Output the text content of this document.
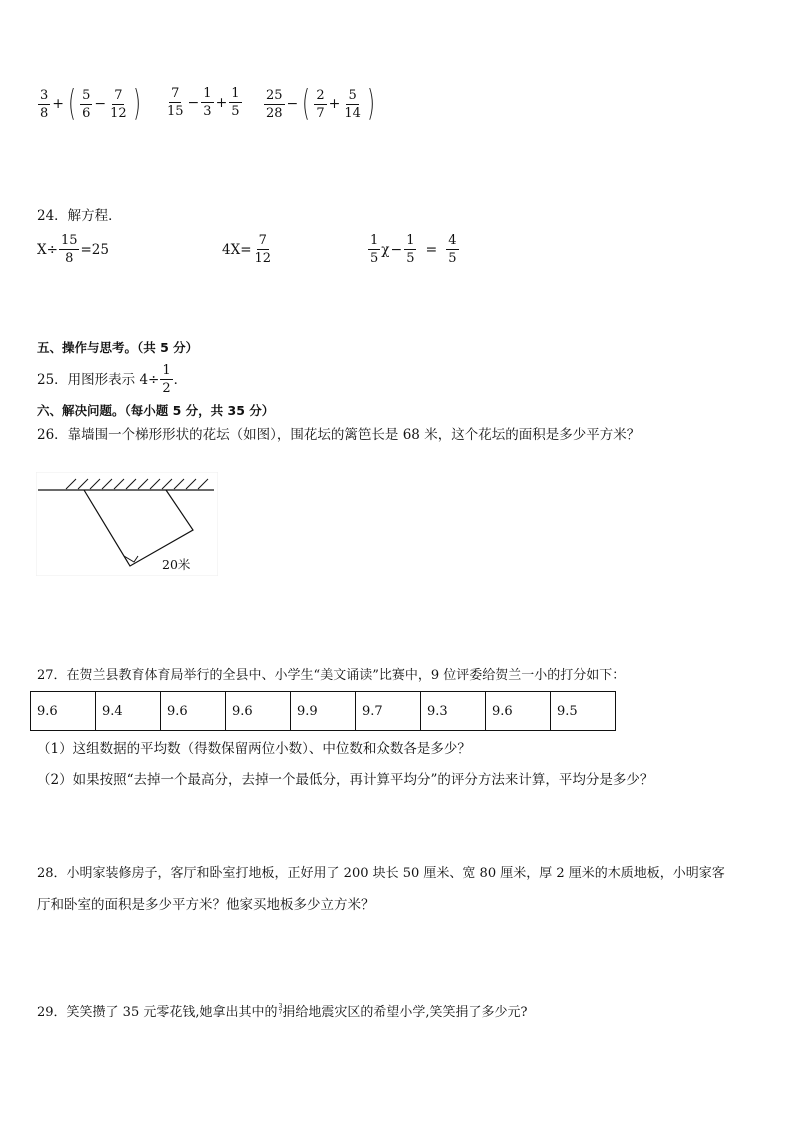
$\frac{3}{8}$ + ( $\frac{5}{6} - \frac{7}{12}$ ) $\frac{7}{15} - \frac{1}{3} + \frac{1}{5} \frac{25}{28}$ − ( $\frac{2}{7} + \frac{5}{14}$ )
24．解方程．
$X\div \frac{15}{8} =25$	$4X= \frac{7}{12}$	$\frac{1}{5}$ $\chi - \frac{1}{5} = \frac{4}{5}$
五、操作与思考。（共 5 分）
25．用图形表示 $4\div \frac{1}{2}$ ．
六、解决问题。（每小题 5 分，共 35 分）
26．靠墙围一个梯形形状的花坛（如图），围花坛的篱笆长是 68 米，这个花坛的面积是多少平方米？
20米
27．在贺兰县教育体育局举行的全县中、小学生“美文诵读”比赛中，9 位评委给贺兰一小的打分如下：
9.6	9.4	9.6	9.6	9.9	9.7	9.3	9.6	9.5
（1）这组数据的平均数（得数保留两位小数）、中位数和众数各是多少？
（2）如果按照“去掉一个最高分，去掉一个最低分，再计算平均分”的评分方法来计算，平均分是多少？
28．小明家装修房子，客厅和卧室打地板，正好用了 200 块长 50 厘米、宽 80 厘米，厚 2 厘米的木质地板，小明家客
厅和卧室的面积是多少平方米？他家买地板多少立方米？
29．笑笑攒了 35 元零花钱,她拿出其中的 3
7 捐给地震灾区的希望小学,笑笑捐了多少元?
